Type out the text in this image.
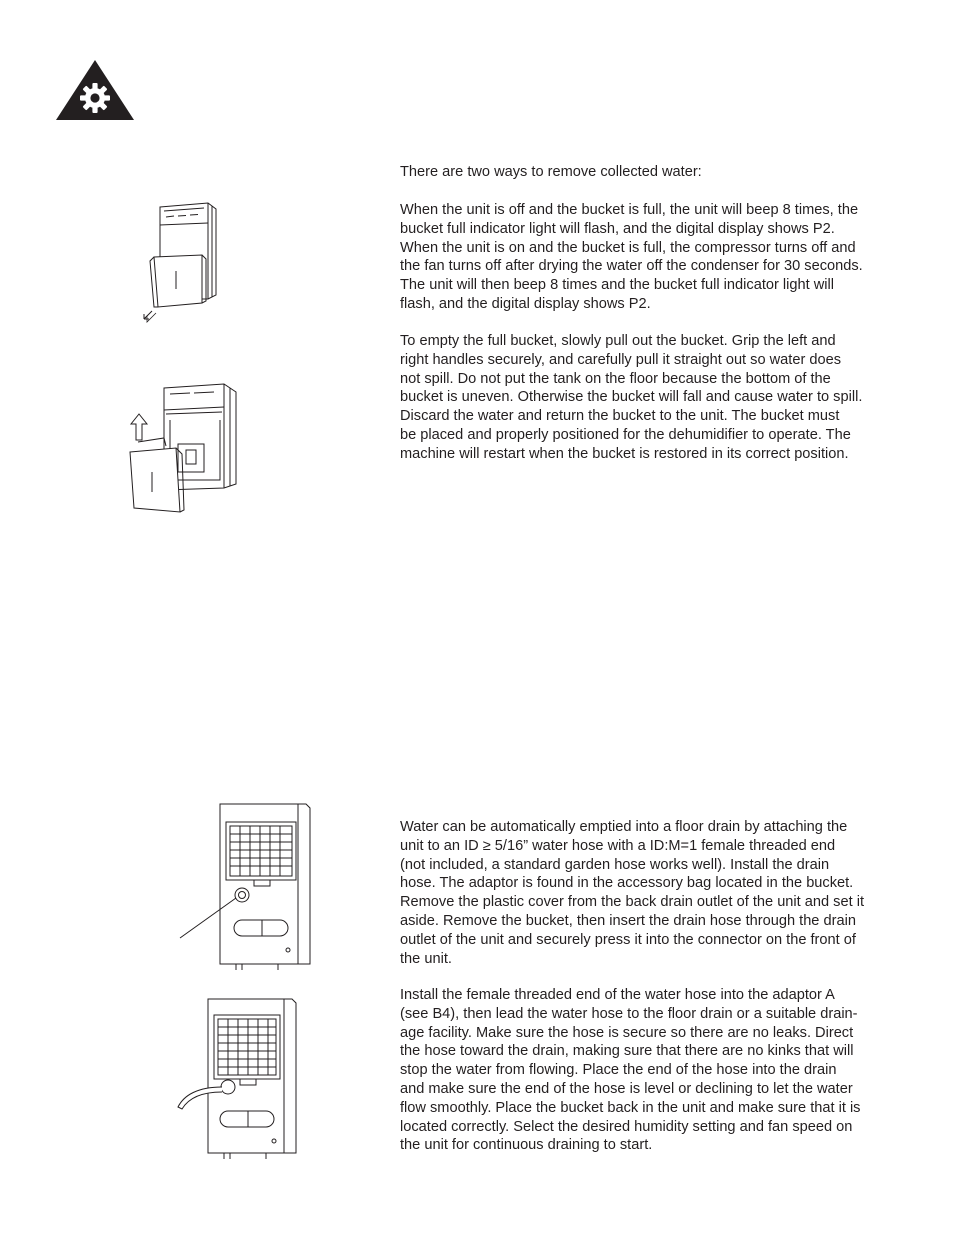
There are two ways to remove collected water:

When the unit is off and the bucket is full, the unit will beep 8 times, the
bucket full indicator light will flash, and the digital display shows P2.
When the unit is on and the bucket is full, the compressor turns off and
the fan turns off after drying the water off the condenser for 30 seconds.
The unit will then beep 8 times and the bucket full indicator light will
flash, and the digital display shows P2.
To empty the full bucket, slowly pull out the bucket. Grip the left and
right handles securely, and carefully pull it straight out so water does
not spill. Do not put the tank on the floor because the bottom of the
bucket is uneven. Otherwise the bucket will fall and cause water to spill.
Discard the water and return the bucket to the unit. The bucket must
be placed and properly positioned for the dehumidifier to operate. The
machine will restart when the bucket is restored in its correct position.
Water can be automatically emptied into a floor drain by attaching the
unit to an ID ≥ 5/16” water hose with a ID:M=1 female threaded end
(not included, a standard garden hose works well). Install the drain
hose. The adaptor is found in the accessory bag located in the bucket.
Remove the plastic cover from the back drain outlet of the unit and set it
aside. Remove the bucket, then insert the drain hose through the drain
outlet of the unit and securely press it into the connector on the front of
the unit.
Install the female threaded end of the water hose into the adaptor A
(see B4), then lead the water hose to the floor drain or a suitable drain-
age facility. Make sure the hose is secure so there are no leaks. Direct
the hose toward the drain, making sure that there are no kinks that will
stop the water from flowing. Place the end of the hose into the drain
and make sure the end of the hose is level or declining to let the water
flow smoothly. Place the bucket back in the unit and make sure that it is
located correctly. Select the desired humidity setting and fan speed on
the unit for continuous draining to start.
